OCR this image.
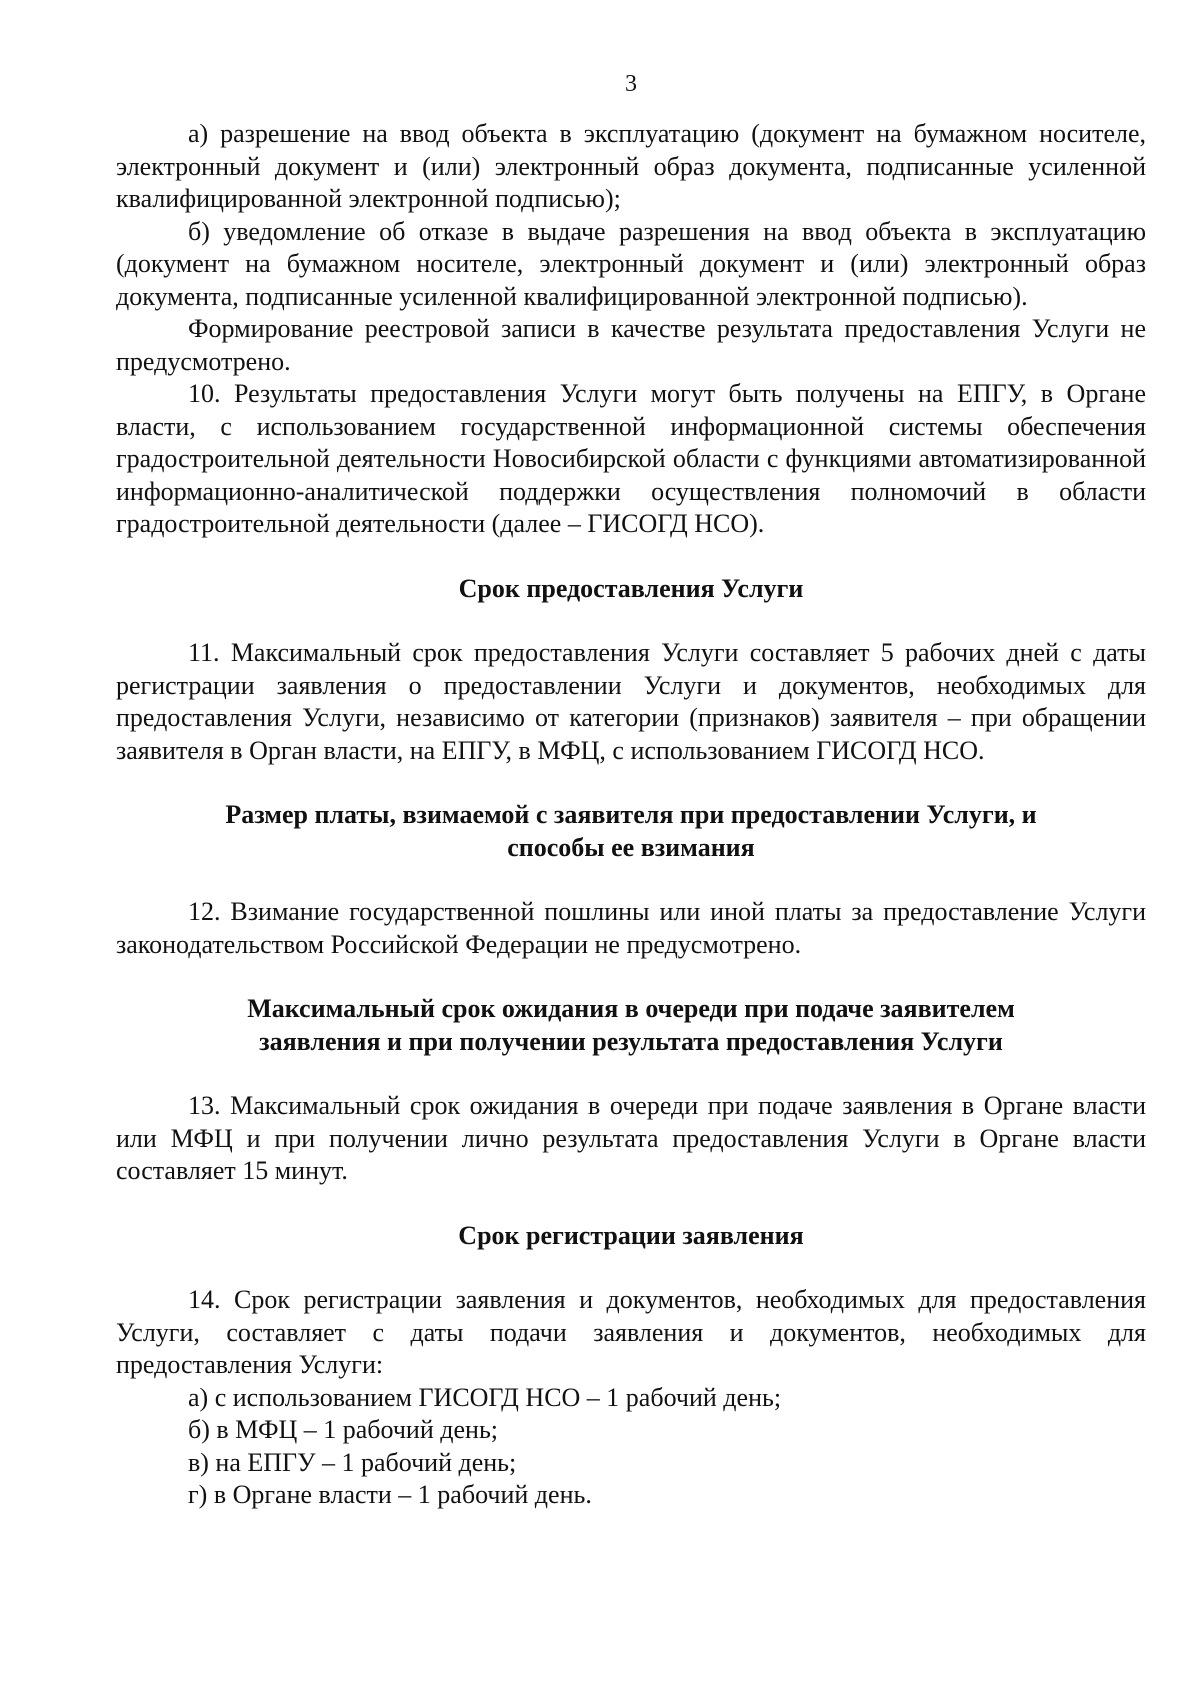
3

а) разрешение на ввод объекта в эксплуатацию (документ на бумажном носителе, электронный документ и (или) электронный образ документа, подписанные усиленной квалифицированной электронной подписью);

б) уведомление об отказе в выдаче разрешения на ввод объекта в эксплуатацию (документ на бумажном носителе, электронный документ и (или) электронный образ документа, подписанные усиленной квалифицированной электронной подписью).

Формирование реестровой записи в качестве результата предоставления Услуги не предусмотрено.

10. Результаты предоставления Услуги могут быть получены на ЕПГУ, в Органе власти, с использованием государственной информационной системы обеспечения градостроительной деятельности Новосибирской области с функциями автоматизированной информационно-аналитической поддержки осуществления полномочий в области градостроительной деятельности (далее – ГИСОГД НСО).

Срок предоставления Услуги

11. Максимальный срок предоставления Услуги составляет 5 рабочих дней с даты регистрации заявления о предоставлении Услуги и документов, необходимых для предоставления Услуги, независимо от категории (признаков) заявителя – при обращении заявителя в Орган власти, на ЕПГУ, в МФЦ, с использованием ГИСОГД НСО.

Размер платы, взимаемой с заявителя при предоставлении Услуги, и
способы ее взимания

12. Взимание государственной пошлины или иной платы за предоставление Услуги законодательством Российской Федерации не предусмотрено.

Максимальный срок ожидания в очереди при подаче заявителем
заявления и при получении результата предоставления Услуги

13. Максимальный срок ожидания в очереди при подаче заявления в Органе власти или МФЦ и при получении лично результата предоставления Услуги в Органе власти составляет 15 минут.

Срок регистрации заявления

14. Срок регистрации заявления и документов, необходимых для предоставления Услуги, составляет с даты подачи заявления и документов, необходимых для предоставления Услуги:

а) с использованием ГИСОГД НСО – 1 рабочий день;

б) в МФЦ – 1 рабочий день;

в) на ЕПГУ – 1 рабочий день;

г) в Органе власти – 1 рабочий день.
